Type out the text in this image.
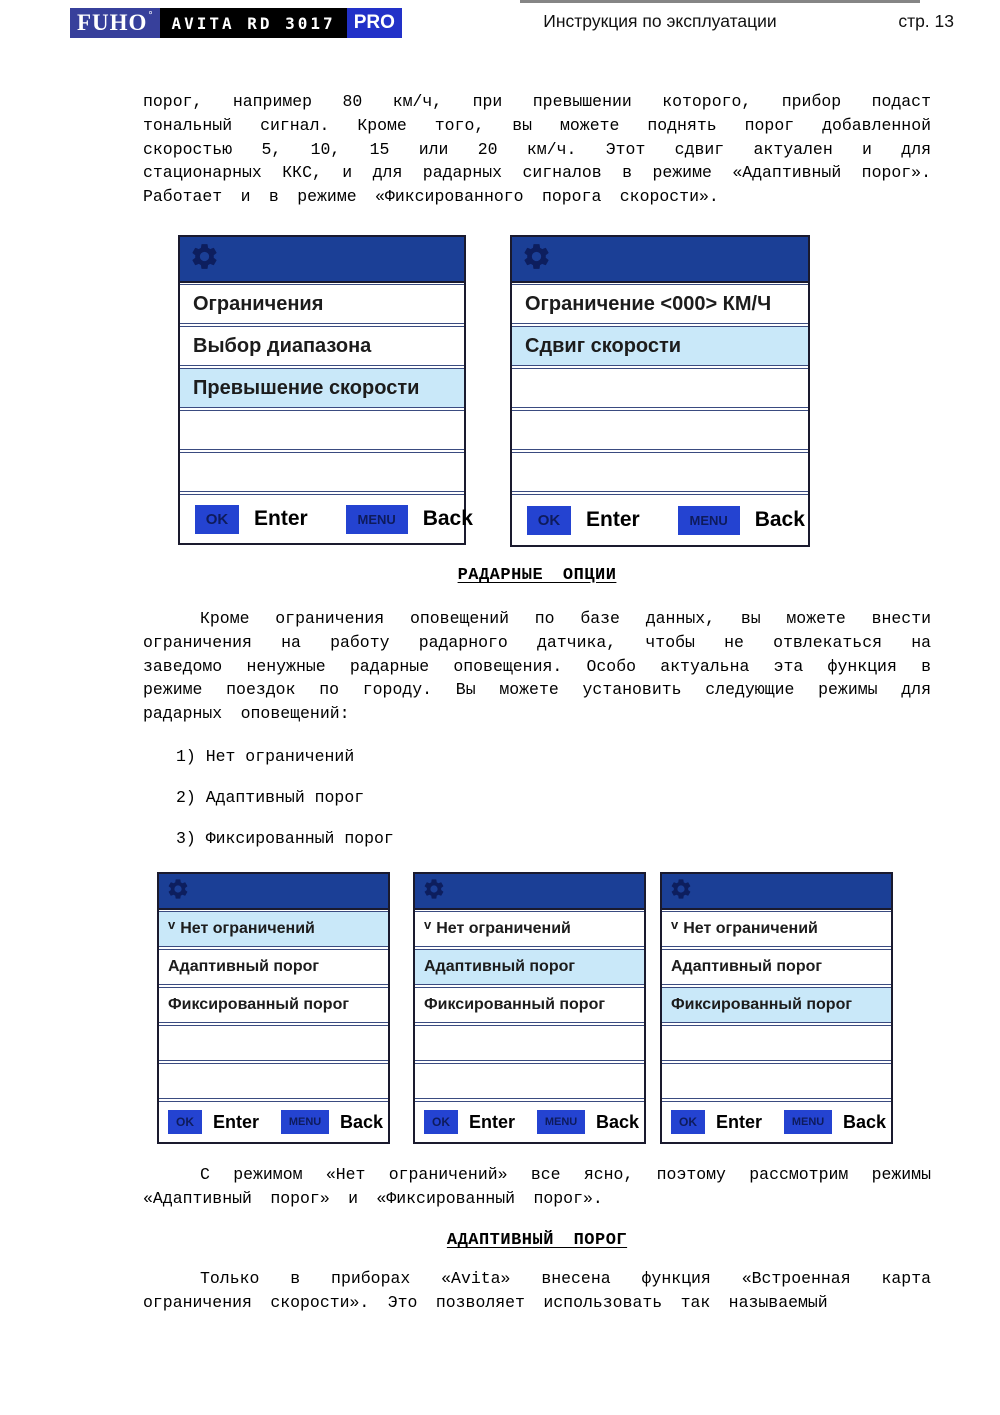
FUHO °	AVITA RD 3017 PRO	Инструкция по эксплуатации	стр. 13

порог, например 80 км/ч, при превышении которого, прибор подаст тональный сигнал. Кроме того, вы можете поднять порог добавленной скоростью 5, 10, 15 или 20 км/ч. Этот сдвиг актуален и для стационарных ККС, и для радарных сигналов в режиме «Адаптивный порог». Работает и в режиме «Фиксированного порога скорости».

Ограничения
Выбор диапазона
Превышение скорости
OK	Enter	MENU	Back
Ограничение <000> КМ/Ч
Сдвиг скорости
OK	Enter	MENU	Back
РАДАРНЫЕ ОПЦИИ

Кроме ограничения оповещений по базе данных, вы можете внести ограничения на работу радарного датчика, чтобы не отвлекаться на заведомо ненужные радарные оповещения. Особо актуальна эта функция в режиме поездок по городу. Вы можете установить следующие режимы для радарных оповещений:

1) Нет ограничений
2) Адаптивный порог
3) Фиксированный порог
v Нет ограничений
Адаптивный порог
Фиксированный порог
OK	Enter	MENU	Back
v Нет ограничений
Адаптивный порог
Фиксированный порог
OK	Enter	MENU	Back
v Нет ограничений
Адаптивный порог
Фиксированный порог
OK	Enter	MENU	Back

С режимом «Нет ограничений» все ясно, поэтому рассмотрим режимы «Адаптивный порог» и «Фиксированный порог».

АДАПТИВНЫЙ ПОРОГ

Только в приборах «Avita» внесена функция «Встроенная карта ограничения скорости». Это позволяет использовать так называемый
